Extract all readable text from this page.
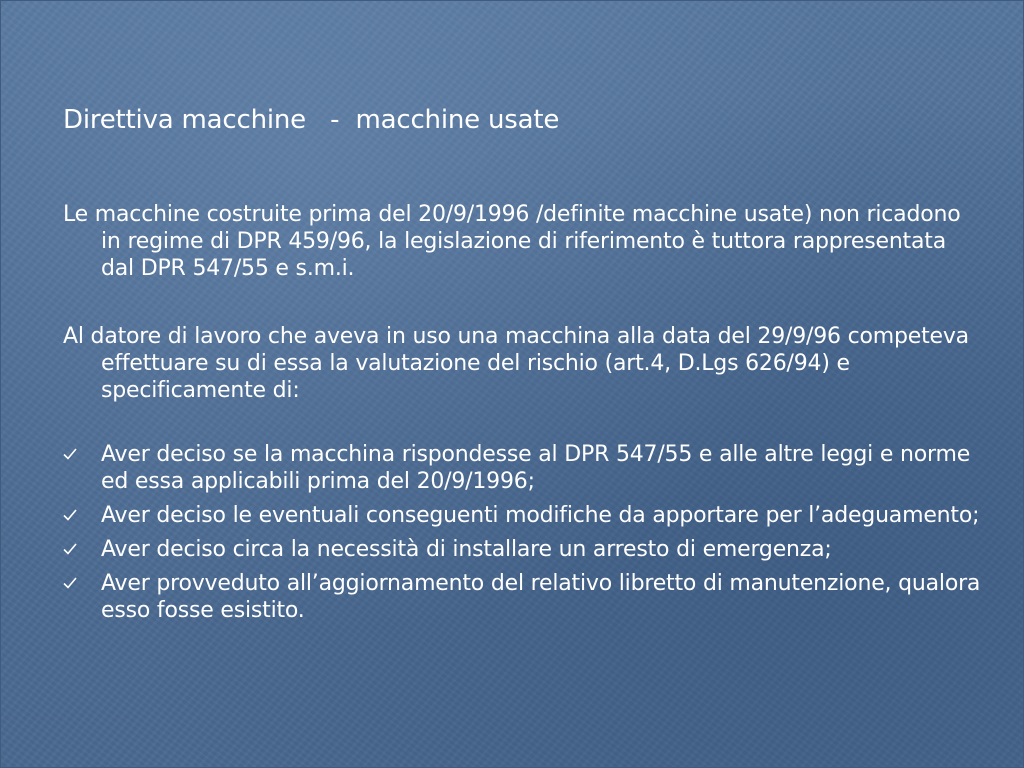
Direttiva macchine   -  macchine usate

Le macchine costruite prima del 20/9/1996 /definite macchine usate) non ricadono in regime di DPR 459/96, la legislazione di riferimento è tuttora rappresentata dal DPR 547/55 e s.m.i.

Al datore di lavoro che aveva in uso una macchina alla data del 29/9/96 competeva effettuare su di essa la valutazione del rischio (art.4, D.Lgs 626/94) e specificamente di:

Aver deciso se la macchina rispondesse al DPR 547/55 e alle altre leggi e norme ed essa applicabili prima del 20/9/1996;
Aver deciso le eventuali conseguenti modifiche da apportare per l’adeguamento;
Aver deciso circa la necessità di installare un arresto di emergenza;
Aver provveduto all’aggiornamento del relativo libretto di manutenzione, qualora esso fosse esistito.
